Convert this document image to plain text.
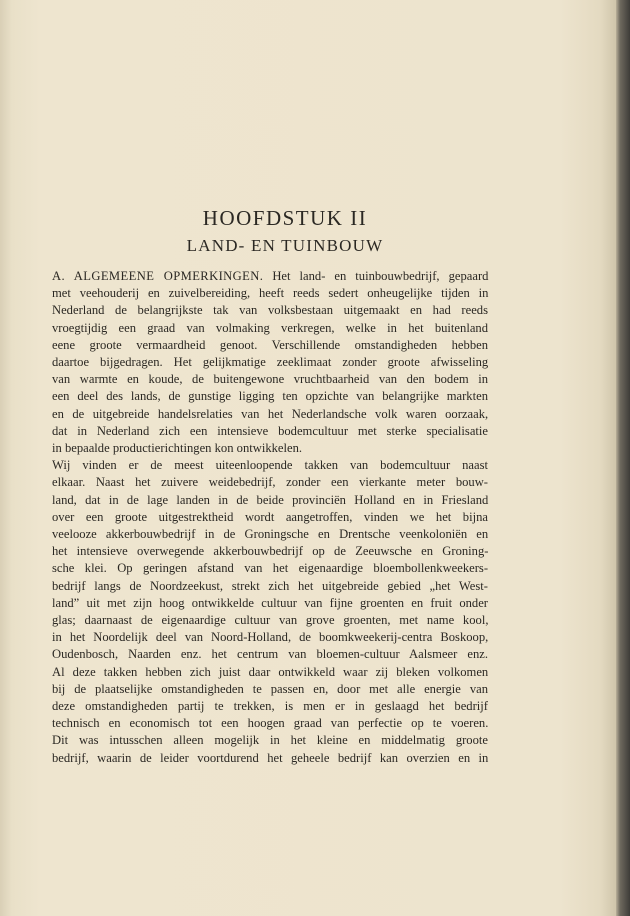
HOOFDSTUK II
LAND- EN TUINBOUW
A. ALGEMEENE OPMERKINGEN. Het land- en tuinbouwbedrijf, gepaard
met veehouderij en zuivelbereiding, heeft reeds sedert onheugelijke tijden in
Nederland de belangrijkste tak van volksbestaan uitgemaakt en had reeds
vroegtijdig een graad van volmaking verkregen, welke in het buitenland
eene groote vermaardheid genoot. Verschillende omstandigheden hebben
daartoe bijgedragen. Het gelijkmatige zeeklimaat zonder groote afwisseling
van warmte en koude, de buitengewone vruchtbaarheid van den bodem in
een deel des lands, de gunstige ligging ten opzichte van belangrijke markten
en de uitgebreide handelsrelaties van het Nederlandsche volk waren oorzaak,
dat in Nederland zich een intensieve bodemcultuur met sterke specialisatie
in bepaalde productierichtingen kon ontwikkelen.
Wij vinden er de meest uiteenloopende takken van bodemcultuur naast
elkaar. Naast het zuivere weidebedrijf, zonder een vierkante meter bouw-
land, dat in de lage landen in de beide provinciën Holland en in Friesland
over een groote uitgestrektheid wordt aangetroffen, vinden we het bijna
veelooze akkerbouwbedrijf in de Groningsche en Drentsche veenkoloniën en
het intensieve overwegende akkerbouwbedrijf op de Zeeuwsche en Groning-
sche klei. Op geringen afstand van het eigenaardige bloembollenkweekers-
bedrijf langs de Noordzeekust, strekt zich het uitgebreide gebied „het West-
land” uit met zijn hoog ontwikkelde cultuur van fijne groenten en fruit onder
glas; daarnaast de eigenaardige cultuur van grove groenten, met name kool,
in het Noordelijk deel van Noord-Holland, de boomkweekerij-centra Boskoop,
Oudenbosch, Naarden enz. het centrum van bloemen-cultuur Aalsmeer enz.
Al deze takken hebben zich juist daar ontwikkeld waar zij bleken volkomen
bij de plaatselijke omstandigheden te passen en, door met alle energie van
deze omstandigheden partij te trekken, is men er in geslaagd het bedrijf
technisch en economisch tot een hoogen graad van perfectie op te voeren.
Dit was intusschen alleen mogelijk in het kleine en middelmatig groote
bedrijf, waarin de leider voortdurend het geheele bedrijf kan overzien en in
